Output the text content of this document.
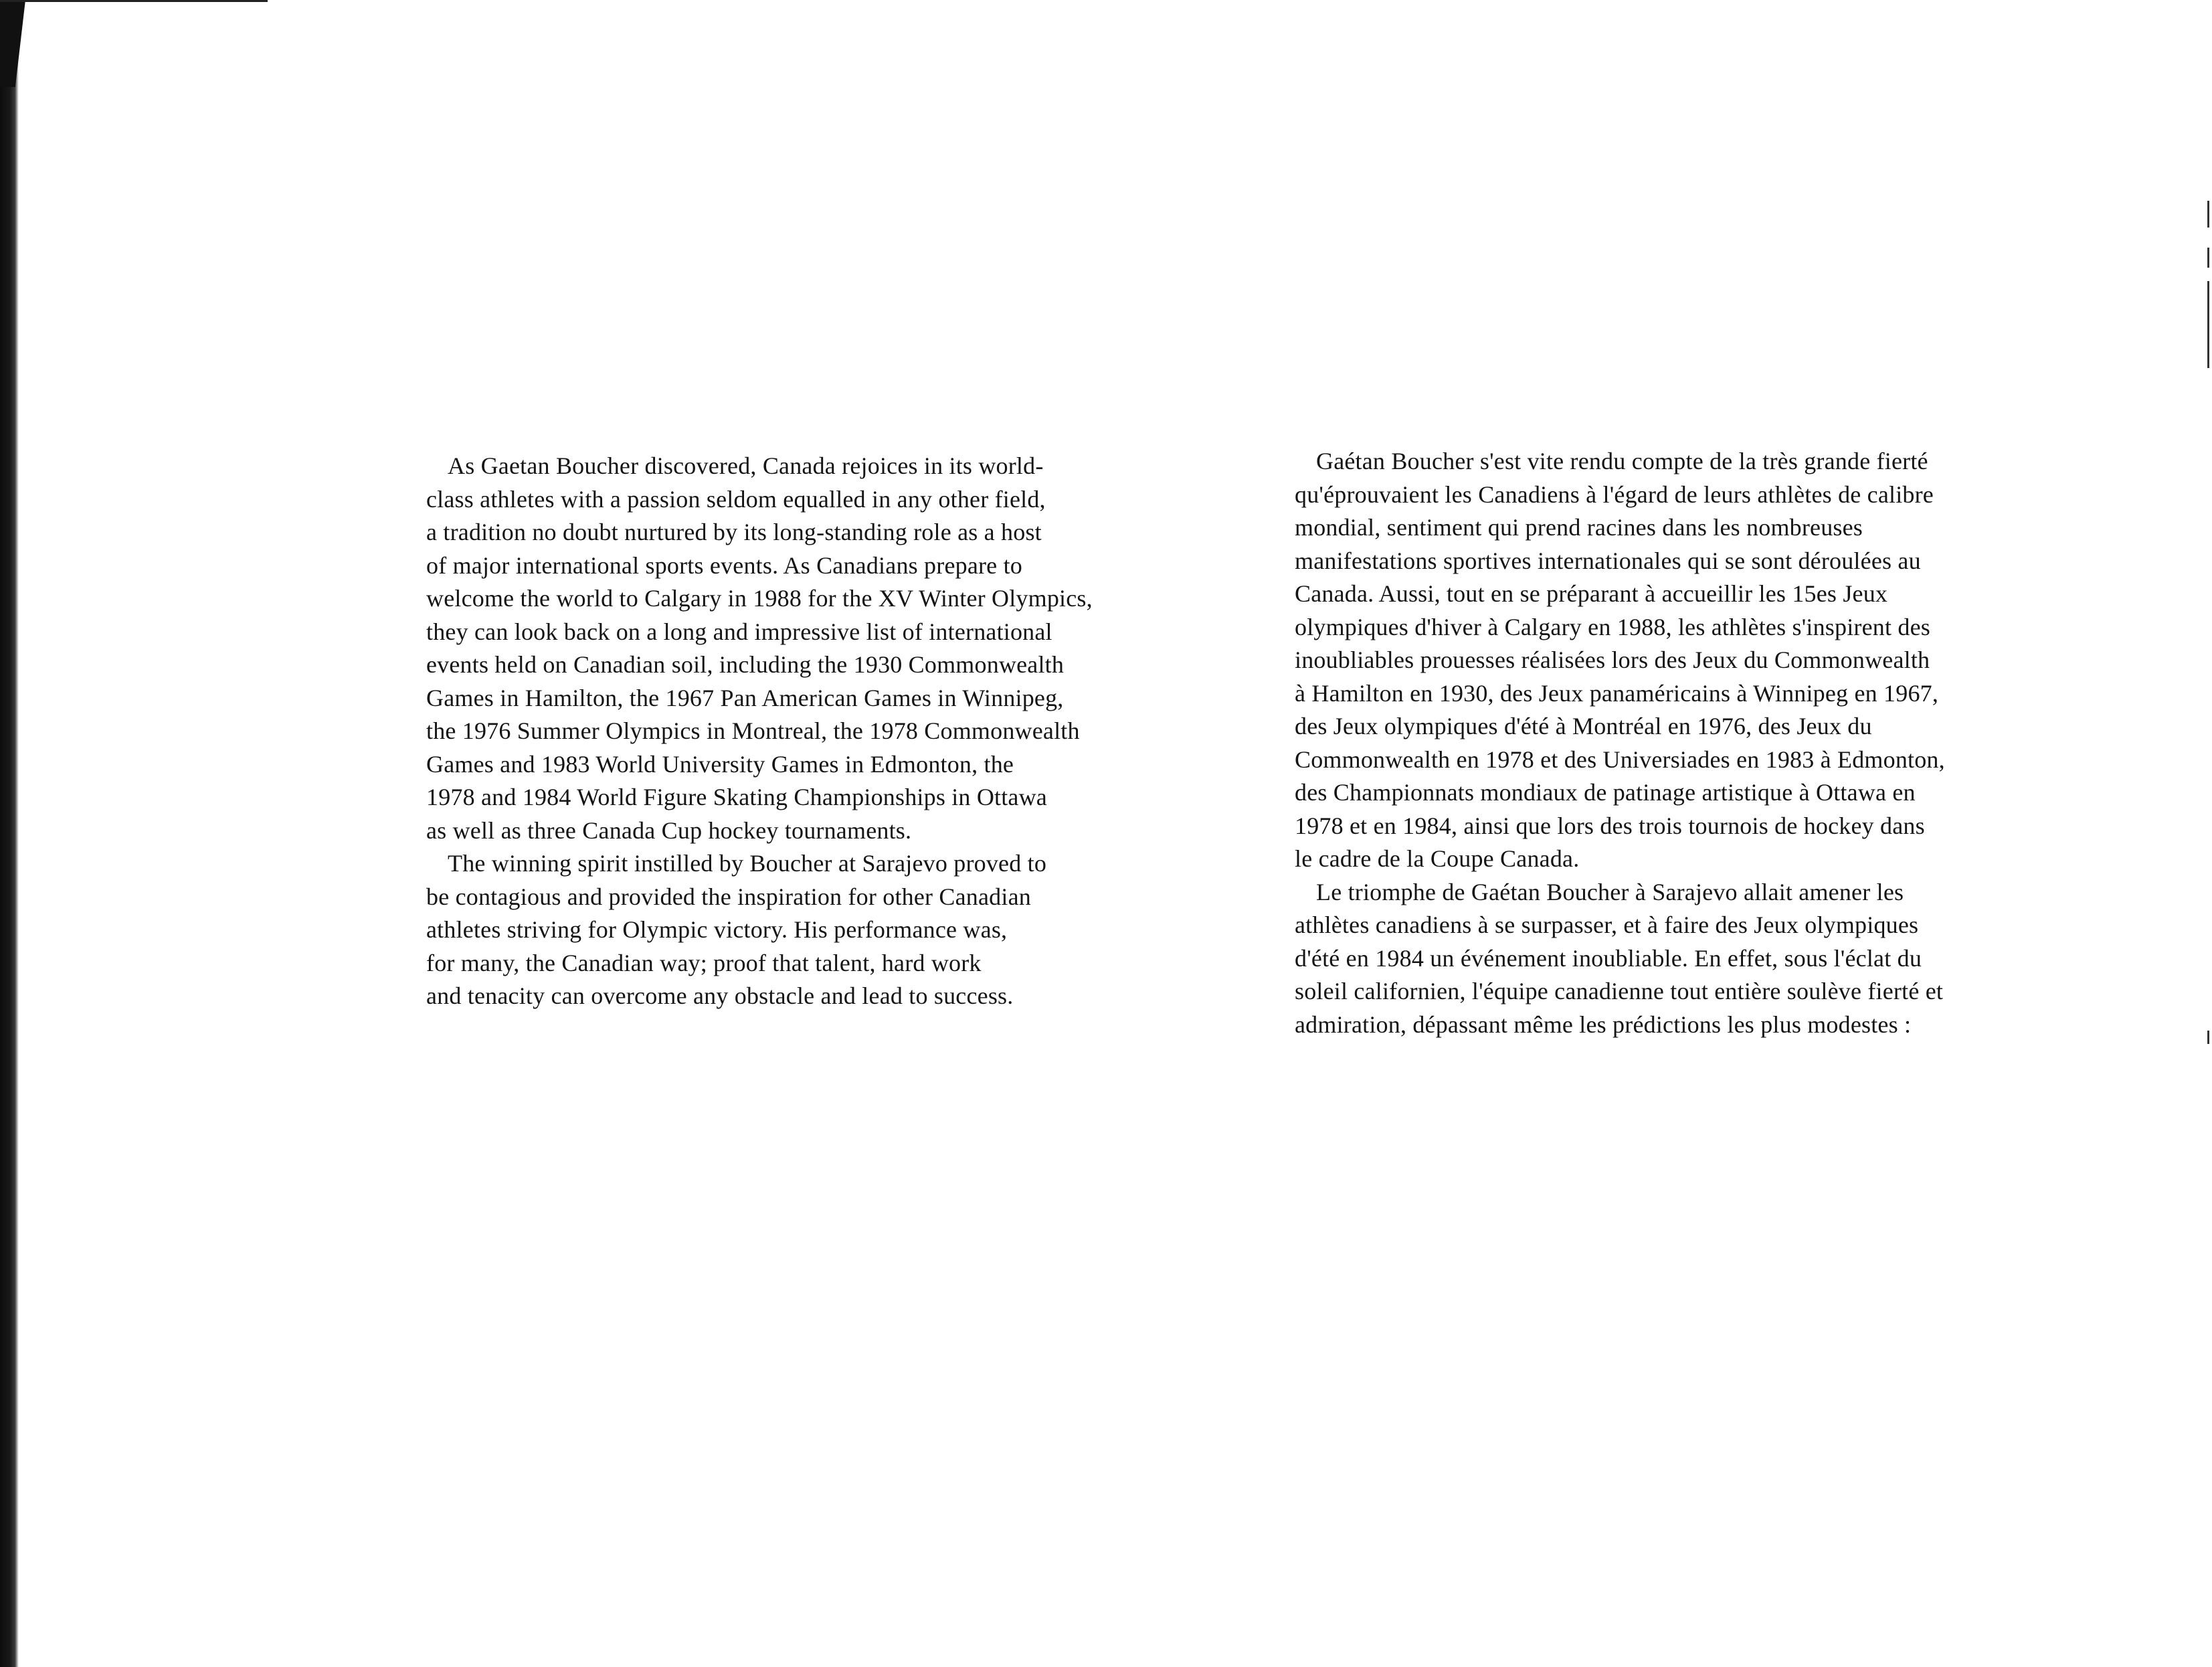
As Gaetan Boucher discovered, Canada rejoices in its world-
class athletes with a passion seldom equalled in any other field,
a tradition no doubt nurtured by its long-standing role as a host
of major international sports events. As Canadians prepare to
welcome the world to Calgary in 1988 for the XV Winter Olympics,
they can look back on a long and impressive list of international
events held on Canadian soil, including the 1930 Commonwealth
Games in Hamilton, the 1967 Pan American Games in Winnipeg,
the 1976 Summer Olympics in Montreal, the 1978 Commonwealth
Games and 1983 World University Games in Edmonton, the
1978 and 1984 World Figure Skating Championships in Ottawa
as well as three Canada Cup hockey tournaments.
The winning spirit instilled by Boucher at Sarajevo proved to
be contagious and provided the inspiration for other Canadian
athletes striving for Olympic victory. His performance was,
for many, the Canadian way; proof that talent, hard work
and tenacity can overcome any obstacle and lead to success.
Gaétan Boucher s'est vite rendu compte de la très grande fierté
qu'éprouvaient les Canadiens à l'égard de leurs athlètes de calibre
mondial, sentiment qui prend racines dans les nombreuses
manifestations sportives internationales qui se sont déroulées au
Canada. Aussi, tout en se préparant à accueillir les 15es Jeux
olympiques d'hiver à Calgary en 1988, les athlètes s'inspirent des
inoubliables prouesses réalisées lors des Jeux du Commonwealth
à Hamilton en 1930, des Jeux panaméricains à Winnipeg en 1967,
des Jeux olympiques d'été à Montréal en 1976, des Jeux du
Commonwealth en 1978 et des Universiades en 1983 à Edmonton,
des Championnats mondiaux de patinage artistique à Ottawa en
1978 et en 1984, ainsi que lors des trois tournois de hockey dans
le cadre de la Coupe Canada.
Le triomphe de Gaétan Boucher à Sarajevo allait amener les
athlètes canadiens à se surpasser, et à faire des Jeux olympiques
d'été en 1984 un événement inoubliable. En effet, sous l'éclat du
soleil californien, l'équipe canadienne tout entière soulève fierté et
admiration, dépassant même les prédictions les plus modestes :
